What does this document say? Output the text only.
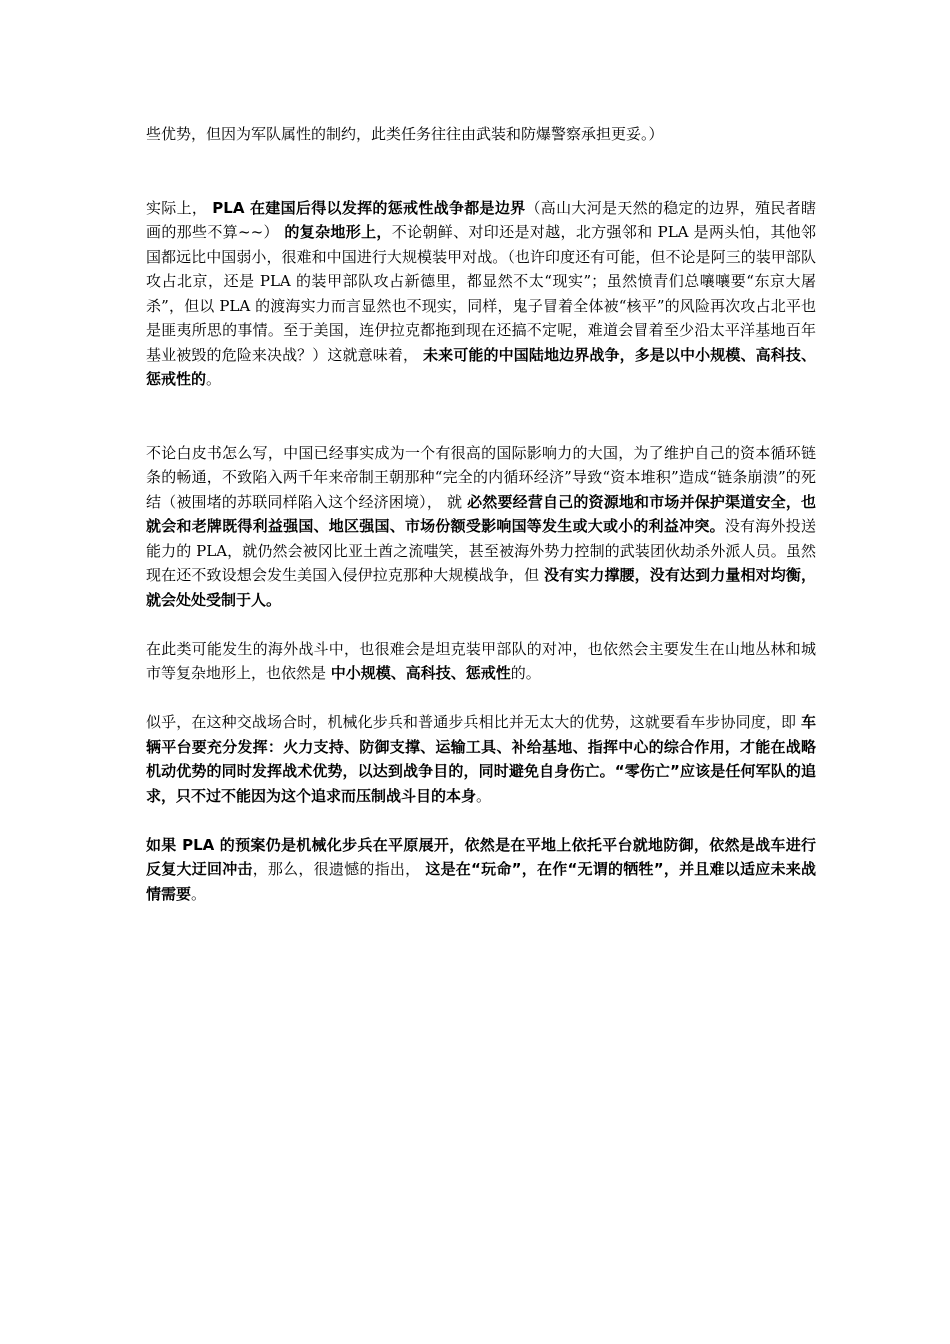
些优势，但因为军队属性的制约，此类任务往往由武装和防爆警察承担更妥。）

实际上， PLA 在建国后得以发挥的惩戒性战争都是边界（高山大河是天然的稳定的边界，殖民者瞎画的那些不算~~） 的复杂地形上，不论朝鲜、对印还是对越，北方强邻和 PLA 是两头怕，其他邻国都远比中国弱小，很难和中国进行大规模装甲对战。（也许印度还有可能，但不论是阿三的装甲部队攻占北京，还是 PLA 的装甲部队攻占新德里，都显然不太“现实”；虽然愤青们总嚷嚷要“东京大屠杀”，但以 PLA 的渡海实力而言显然也不现实，同样，鬼子冒着全体被“核平”的风险再次攻占北平也是匪夷所思的事情。至于美国，连伊拉克都拖到现在还搞不定呢，难道会冒着至少沿太平洋基地百年基业被毁的危险来决战？）这就意味着， 未来可能的中国陆地边界战争，多是以中小规模、高科技、惩戒性的。

不论白皮书怎么写，中国已经事实成为一个有很高的国际影响力的大国，为了维护自己的资本循环链条的畅通，不致陷入两千年来帝制王朝那种“完全的内循环经济”导致“资本堆积”造成“链条崩溃”的死结（被围堵的苏联同样陷入这个经济困境）， 就 必然要经营自己的资源地和市场并保护渠道安全，也就会和老牌既得利益强国、地区强国、市场份额受影响国等发生或大或小的利益冲突。没有海外投送能力的 PLA，就仍然会被冈比亚土酋之流嗤笑，甚至被海外势力控制的武装团伙劫杀外派人员。虽然现在还不致设想会发生美国入侵伊拉克那种大规模战争，但 没有实力撑腰，没有达到力量相对均衡，就会处处受制于人。

在此类可能发生的海外战斗中，也很难会是坦克装甲部队的对冲，也依然会主要发生在山地丛林和城市等复杂地形上，也依然是 中小规模、高科技、惩戒性的。

似乎，在这种交战场合时，机械化步兵和普通步兵相比并无太大的优势，这就要看车步协同度，即 车辆平台要充分发挥：火力支持、防御支撑、运输工具、补给基地、指挥中心的综合作用，才能在战略机动优势的同时发挥战术优势，以达到战争目的，同时避免自身伤亡。“零伤亡”应该是任何军队的追求，只不过不能因为这个追求而压制战斗目的本身。

如果 PLA 的预案仍是机械化步兵在平原展开，依然是在平地上依托平台就地防御，依然是战车进行反复大迂回冲击，那么，很遗憾的指出， 这是在“玩命”，在作“无谓的牺牲”，并且难以适应未来战情需要。
